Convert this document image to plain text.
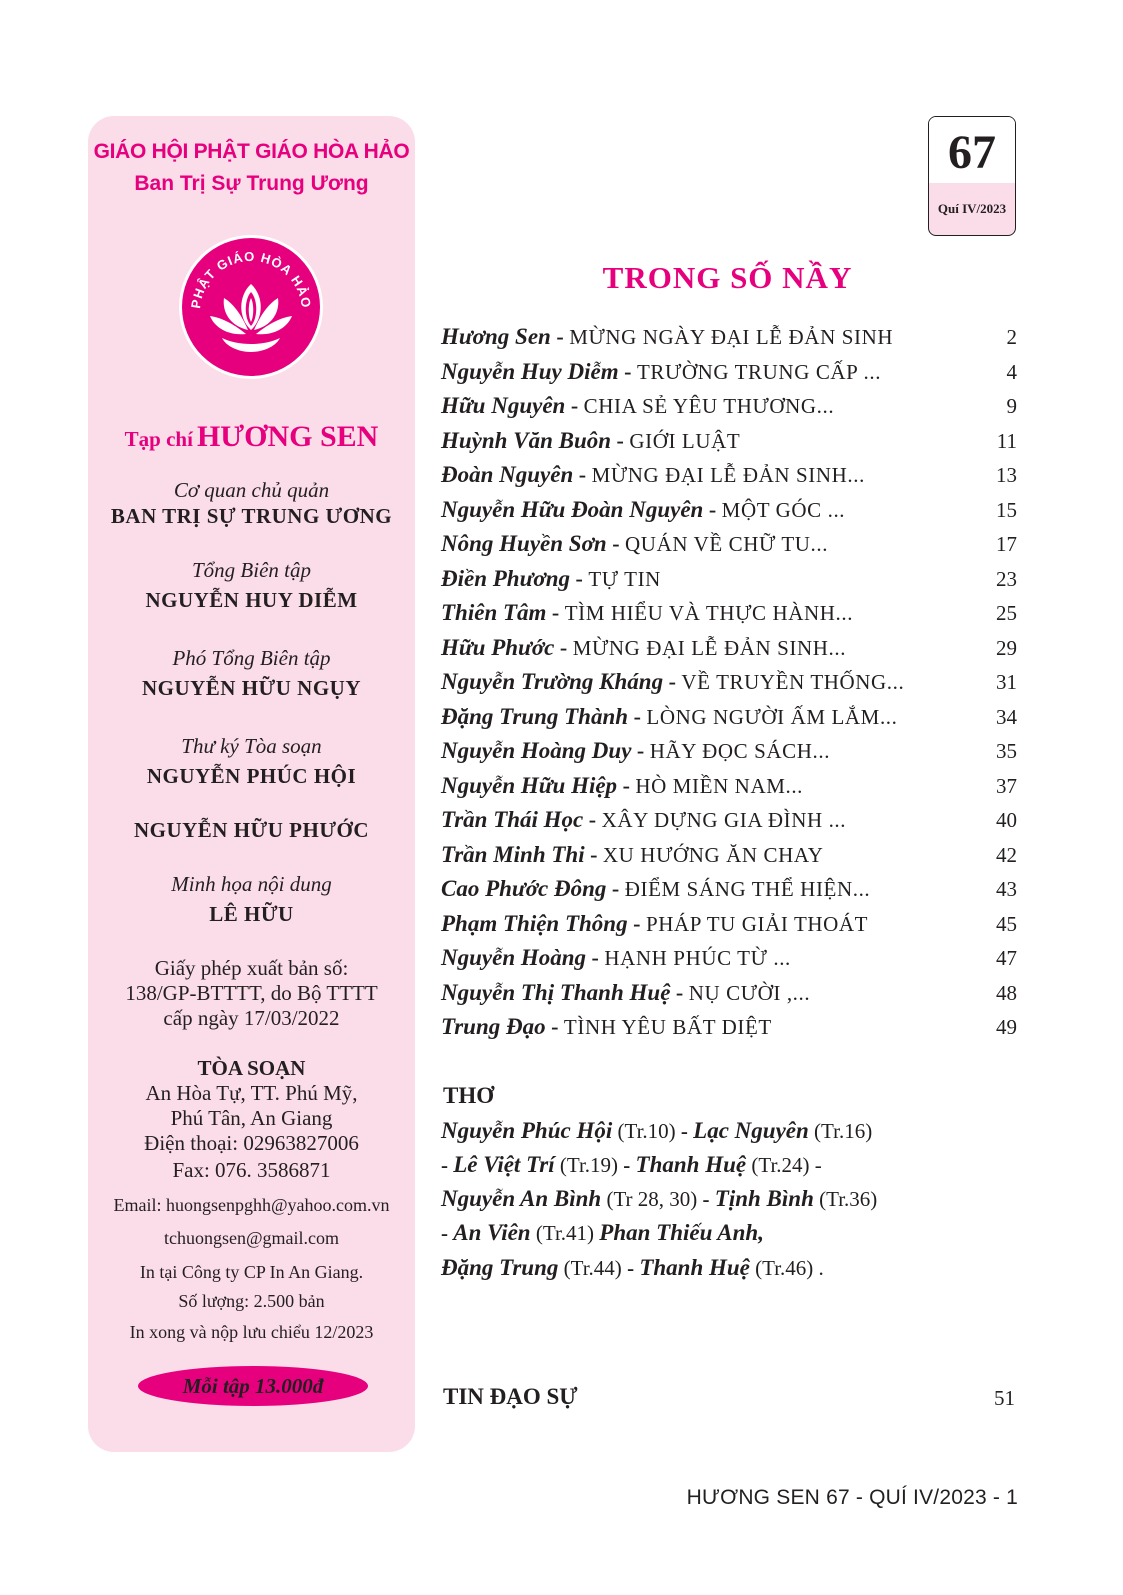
GIÁO HỘI PHẬT GIÁO HÒA HẢO
Ban Trị Sự Trung Ương
PHẬT GIÁO HÒA HẢO
Tạp chí HƯƠNG SEN
Cơ quan chủ quản
BAN TRỊ SỰ TRUNG ƯƠNG
Tổng Biên tập
NGUYỄN HUY DIỄM
Phó Tổng Biên tập
NGUYỄN HỮU NGỤY
Thư ký Tòa soạn
NGUYỄN PHÚC HỘI
NGUYỄN HỮU PHƯỚC
Minh họa nội dung
LÊ HỮU
Giấy phép xuất bản số:
138/GP-BTTTT, do Bộ TTTT
cấp ngày 17/03/2022
TÒA SOẠN
An Hòa Tự, TT. Phú Mỹ,
Phú Tân, An Giang
Điện thoại: 02963827006
Fax: 076. 3586871
Email: huongsenpghh@yahoo.com.vn
tchuongsen@gmail.com
In tại Công ty CP In An Giang.
Số lượng: 2.500 bản
In xong và nộp lưu chiểu 12/2023
Mỗi tập 13.000đ
67
Quí IV/2023
TRONG SỐ NẦY
Hương Sen - MỪNG NGÀY ĐẠI LỄ ĐẢN SINH	2
Nguyễn Huy Diễm - TRƯỜNG TRUNG CẤP ...	4
Hữu Nguyên - CHIA SẺ YÊU THƯƠNG...	9
Huỳnh Văn Buôn - GIỚI LUẬT	11
Đoàn Nguyên - MỪNG ĐẠI LỄ ĐẢN SINH...	13
Nguyễn Hữu Đoàn Nguyên - MỘT GÓC ...	15
Nông Huyền Sơn - QUÁN VỀ CHỮ TU...	17
Điền Phương - TỰ TIN	23
Thiên Tâm - TÌM HIỂU VÀ THỰC HÀNH...	25
Hữu Phước - MỪNG ĐẠI LỄ ĐẢN SINH...	29
Nguyễn Trường Kháng - VỀ TRUYỀN THỐNG...	31
Đặng Trung Thành - LÒNG NGƯỜI ẤM LẮM...	34
Nguyễn Hoàng Duy - HÃY ĐỌC SÁCH...	35
Nguyễn Hữu Hiệp - HÒ MIỀN NAM...	37
Trần Thái Học - XÂY DỰNG GIA ĐÌNH ...	40
Trần Minh Thi - XU HƯỚNG ĂN CHAY	42
Cao Phước Đông - ĐIỂM SÁNG THỂ HIỆN...	43
Phạm Thiện Thông - PHÁP TU GIẢI THOÁT	45
Nguyễn Hoàng - HẠNH PHÚC TỪ ...	47
Nguyễn Thị Thanh Huệ - NỤ CƯỜI ,...	48
Trung Đạo - TÌNH YÊU BẤT DIỆT	49
THƠ
Nguyễn Phúc Hội (Tr.10) - Lạc Nguyên (Tr.16)
- Lê Việt Trí (Tr.19) - Thanh Huệ (Tr.24) -
Nguyễn An Bình (Tr 28, 30) - Tịnh Bình (Tr.36)
- An Viên (Tr.41) Phan Thiếu Anh,
Đặng Trung (Tr.44) - Thanh Huệ (Tr.46) .
TIN ĐẠO SỰ	51
HƯƠNG SEN 67 - QUÍ IV/2023 - 1
